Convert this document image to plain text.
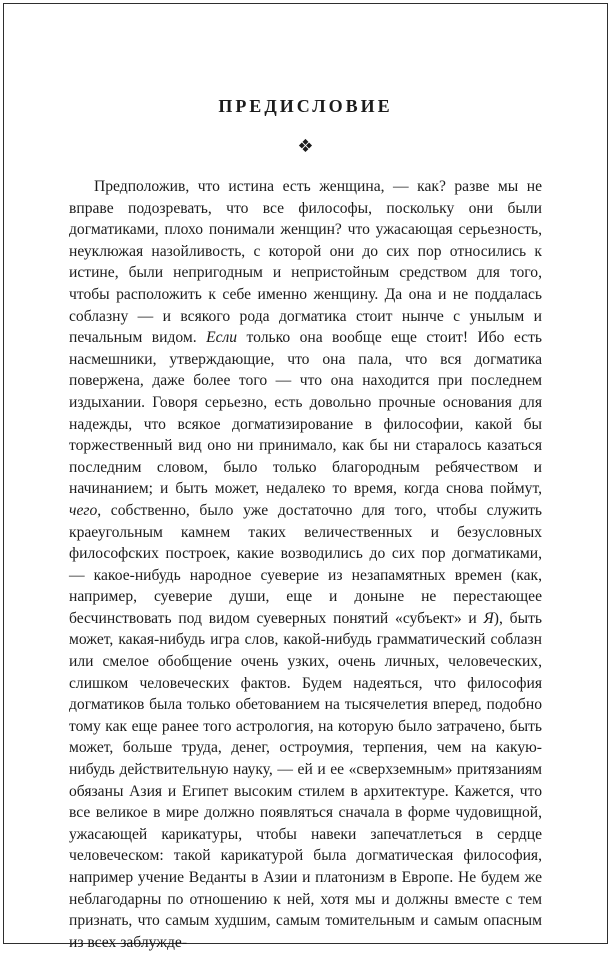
ПРЕДИСЛОВИЕ
❖

Предположив, что истина есть женщина, — как? разве мы не вправе подозревать, что все философы, поскольку они были догматиками, плохо понимали женщин? что ужасающая серьезность, неуклюжая назойливость, с которой они до сих пор относились к истине, были непригодным и непристойным средством для того, чтобы расположить к себе именно женщину. Да она и не поддалась соблазну — и всякого рода догматика стоит нынче с унылым и печальным видом. Если только она вообще еще стоит! Ибо есть насмешники, утверждающие, что она пала, что вся догматика повержена, даже более того — что она находится при последнем издыхании. Говоря серьезно, есть довольно прочные основания для надежды, что всякое догматизирование в философии, какой бы торжественный вид оно ни принимало, как бы ни старалось казаться последним словом, было только благородным ребячеством и начинанием; и быть может, недалеко то время, когда снова поймут, чего, собственно, было уже достаточно для того, чтобы служить краеугольным камнем таких величественных и безусловных философских построек, какие возводились до сих пор догматиками, — какое-нибудь народное суеверие из незапамятных времен (как, например, суеверие души, еще и доныне не перестающее бесчинствовать под видом суеверных понятий «субъект» и Я), быть может, какая-нибудь игра слов, какой-нибудь грамматический соблазн или смелое обобщение очень узких, очень личных, человеческих, слишком человеческих фактов. Будем надеяться, что философия догматиков была только обетованием на тысячелетия вперед, подобно тому как еще ранее того астрология, на которую было затрачено, быть может, больше труда, денег, остроумия, терпения, чем на какую-нибудь действительную науку, — ей и ее «сверхземным» притязаниям обязаны Азия и Египет высоким стилем в архитектуре. Кажется, что все великое в мире должно появляться сначала в форме чудовищной, ужасающей карикатуры, чтобы навеки запечатлеться в сердце человеческом: такой карикатурой была догматическая философия, например учение Веданты в Азии и платонизм в Европе. Не будем же неблагодарны по отношению к ней, хотя мы и должны вместе с тем признать, что самым худшим, самым томительным и самым опасным из всех заблужде-
